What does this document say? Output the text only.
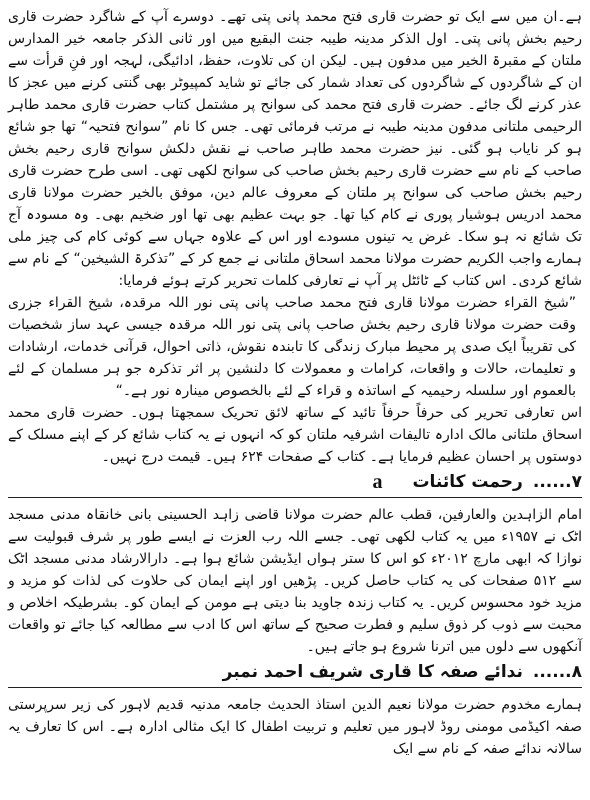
ہے۔ان میں سے ایک تو حضرت قاری فتح محمد پانی پتی تھے۔ دوسرے آپ کے شاگرد حضرت قاری رحیم بخش پانی پتی۔ اول الذکر مدینہ طیبہ جنت البقیع میں اور ثانی الذکر جامعہ خیر المدارس ملتان کے مقبرۃ الخیر میں مدفون ہیں۔ لیکن ان کی تلاوت، حفظ، ادائیگی، لہجہ اور فنِ قرأت سے ان کے شاگردوں کے شاگردوں کی تعداد شمار کی جائے تو شاید کمپیوٹر بھی گنتی کرنے میں عجز کا عذر کرنے لگ جائے۔ حضرت قاری فتح محمد کی سوانح پر مشتمل کتاب حضرت قاری محمد طاہر الرحیمی ملتانی مدفون مدینہ طیبہ نے مرتب فرمائی تھی۔ جس کا نام ”سوانح فتحیہ“ تھا جو شائع ہو کر نایاب ہو گئی۔ نیز حضرت محمد طاہر صاحب نے نقش دلکش سوانح قاری رحیم بخش صاحب کے نام سے حضرت قاری رحیم بخش صاحب کی سوانح لکھی تھی۔ اسی طرح حضرت قاری رحیم بخش صاحب کی سوانح پر ملتان کے معروف عالم دین، موفق بالخیر حضرت مولانا قاری محمد ادریس ہوشیار پوری نے کام کیا تھا۔ جو بہت عظیم بھی تھا اور ضخیم بھی۔ وہ مسودہ آج تک شائع نہ ہو سکا۔ غرض یہ تینوں مسودے اور اس کے علاوہ جہاں سے کوئی کام کی چیز ملی ہمارے واجب الکریم حضرت مولانا محمد اسحاق ملتانی نے جمع کر کے ”تذکرۃ الشیخین“ کے نام سے شائع کردی۔ اس کتاب کے ٹائٹل پر آپ نے تعارفی کلمات تحریر کرتے ہوئے فرمایا:

”شیخ القراء حضرت مولانا قاری فتح محمد صاحب پانی پتی نور اللہ مرقدہ، شیخ القراء جزری وقت حضرت مولانا قاری رحیم بخش صاحب پانی پتی نور اللہ مرقدہ جیسی عہد ساز شخصیات کی تقریباً ایک صدی پر محیط مبارک زندگی کا تابندہ نقوش، ذاتی احوال، قرآنی خدمات، ارشادات و تعلیمات، حالات و واقعات، کرامات و معمولات کا دلنشین پر اثر تذکرہ جو ہر مسلمان کے لئے بالعموم اور سلسلہ رحیمیہ کے اساتذہ و قراء کے لئے بالخصوص مینارہ نور ہے۔“

اس تعارفی تحریر کی حرفاً حرفاً تائید کے ساتھ لائق تحریک سمجھتا ہوں۔ حضرت قاری محمد اسحاق ملتانی مالک ادارہ تالیفات اشرفیہ ملتان کو کہ انہوں نے یہ کتاب شائع کر کے اپنے مسلک کے دوستوں پر احسان عظیم فرمایا ہے۔ کتاب کے صفحات ۶۲۴ ہیں۔ قیمت درج نہیں۔

۷......
رحمت کائنات
a

امام الزاہدین والعارفین، قطب عالم حضرت مولانا قاضی زاہد الحسینی بانی خانقاہ مدنی مسجد اٹک نے ۱۹۵۷ء میں یہ کتاب لکھی تھی۔ جسے اللہ رب العزت نے ایسے طور پر شرف قبولیت سے نوازا کہ ابھی مارچ ۲۰۱۲ء کو اس کا ستر ہواں ایڈیشن شائع ہوا ہے۔ دارالارشاد مدنی مسجد اٹک سے ۵۱۲ صفحات کی یہ کتاب حاصل کریں۔ پڑھیں اور اپنے ایمان کی حلاوت کی لذات کو مزید و مزید خود محسوس کریں۔ یہ کتاب زندہ جاوید بنا دیتی ہے مومن کے ایمان کو۔ بشرطیکہ اخلاص و محبت سے ذوب کر ذوق سلیم و فطرت صحیح کے ساتھ اس کا ادب سے مطالعہ کیا جائے تو واقعات آنکھوں سے دلوں میں اترنا شروع ہو جاتے ہیں۔

۸......
ندائے صفہ کا قاری شریف احمد نمبر

ہمارے مخدوم حضرت مولانا نعیم الدین استاذ الحدیث جامعہ مدنیہ قدیم لاہور کی زیر سرپرستی صفہ اکیڈمی مومنی روڈ لاہور میں تعلیم و تربیت اطفال کا ایک مثالی ادارہ ہے۔ اس کا تعارف یہ سالانہ ندائے صفہ کے نام سے ایک
